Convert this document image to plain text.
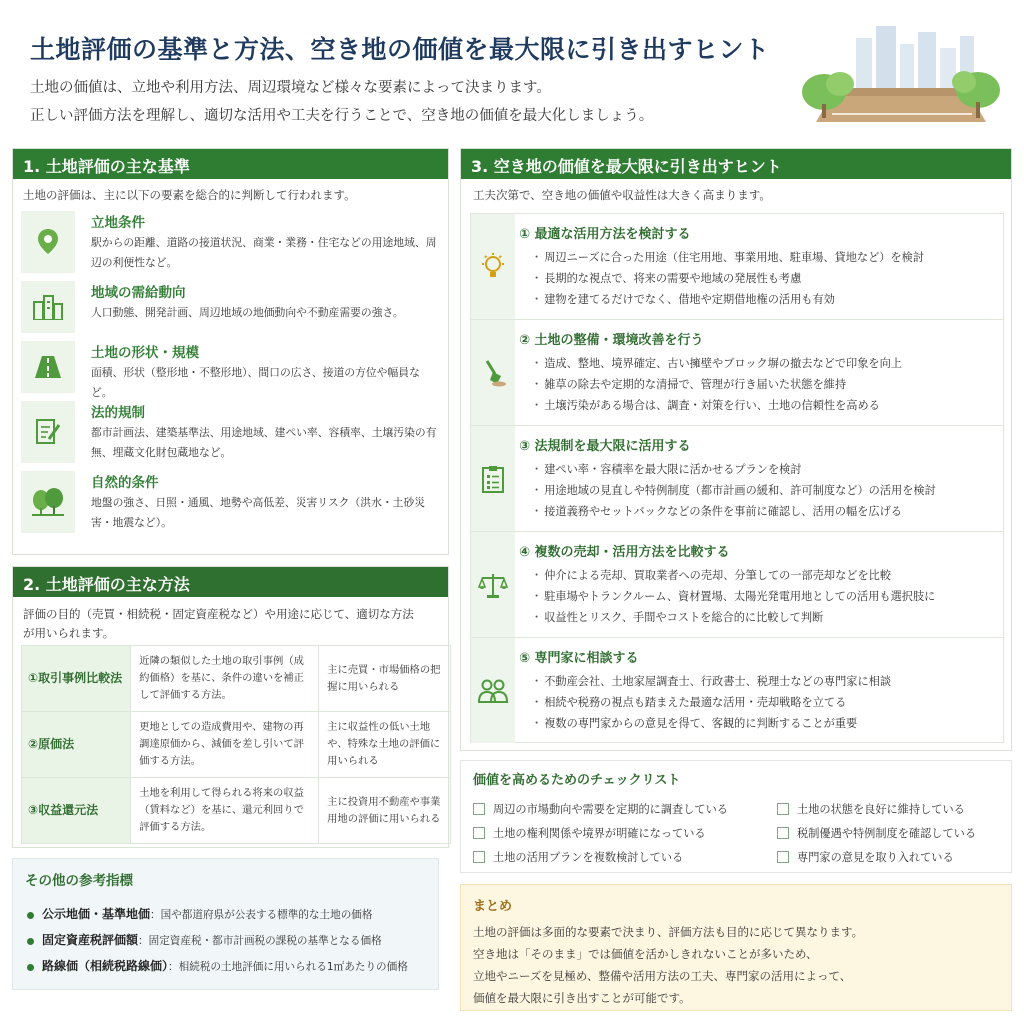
土地評価の基準と方法、空き地の価値を最大限に引き出すヒント
土地の価値は、立地や利用方法、周辺環境など様々な要素によって決まります。
正しい評価方法を理解し、適切な活用や工夫を行うことで、空き地の価値を最大化しましょう。
1. 土地評価の主な基準
土地の評価は、主に以下の要素を総合的に判断して行われます。
立地条件
駅からの距離、道路の接道状況、商業・業務・住宅などの用途地域、周辺の利便性など。
地域の需給動向
人口動態、開発計画、周辺地域の地価動向や不動産需要の強さ。
土地の形状・規模
面積、形状（整形地・不整形地）、間口の広さ、接道の方位や幅員など。
法的規制
都市計画法、建築基準法、用途地域、建ぺい率、容積率、土壌汚染の有無、埋蔵文化財包蔵地など。
自然的条件
地盤の強さ、日照・通風、地勢や高低差、災害リスク（洪水・土砂災害・地震など）。
2. 土地評価の主な方法
評価の目的（売買・相続税・固定資産税など）や用途に応じて、適切な方法が用いられます。
①取引事例比較法	近隣の類似した土地の取引事例（成約価格）を基に、条件の違いを補正して評価する方法。	主に売買・市場価格の把握に用いられる
②原価法	更地としての造成費用や、建物の再調達原価から、減価を差し引いて評価する方法。	主に収益性の低い土地や、特殊な土地の評価に用いられる
③収益還元法	土地を利用して得られる将来の収益（賃料など）を基に、還元利回りで評価する方法。	主に投資用不動産や事業用地の評価に用いられる
その他の参考指標
公示地価・基準地価：国や都道府県が公表する標準的な土地の価格
固定資産税評価額：固定資産税・都市計画税の課税の基準となる価格
路線価（相続税路線価）：相続税の土地評価に用いられる1㎡あたりの価格
3. 空き地の価値を最大限に引き出すヒント
工夫次第で、空き地の価値や収益性は大きく高まります。
① 最適な活用方法を検討する
・ 周辺ニーズに合った用途（住宅用地、事業用地、駐車場、貸地など）を検討
・ 長期的な視点で、将来の需要や地域の発展性も考慮
・ 建物を建てるだけでなく、借地や定期借地権の活用も有効
② 土地の整備・環境改善を行う
・ 造成、整地、境界確定、古い擁壁やブロック塀の撤去などで印象を向上
・ 雑草の除去や定期的な清掃で、管理が行き届いた状態を維持
・ 土壌汚染がある場合は、調査・対策を行い、土地の信頼性を高める
③ 法規制を最大限に活用する
・ 建ぺい率・容積率を最大限に活かせるプランを検討
・ 用途地域の見直しや特例制度（都市計画の緩和、許可制度など）の活用を検討
・ 接道義務やセットバックなどの条件を事前に確認し、活用の幅を広げる
④ 複数の売却・活用方法を比較する
・ 仲介による売却、買取業者への売却、分筆しての一部売却などを比較
・ 駐車場やトランクルーム、資材置場、太陽光発電用地としての活用も選択肢に
・ 収益性とリスク、手間やコストを総合的に比較して判断
⑤ 専門家に相談する
・ 不動産会社、土地家屋調査士、行政書士、税理士などの専門家に相談
・ 相続や税務の視点も踏まえた最適な活用・売却戦略を立てる
・ 複数の専門家からの意見を得て、客観的に判断することが重要
価値を高めるためのチェックリスト
周辺の市場動向や需要を定期的に調査している
土地の権利関係や境界が明確になっている
土地の活用プランを複数検討している
土地の状態を良好に維持している
税制優遇や特例制度を確認している
専門家の意見を取り入れている
まとめ
土地の評価は多面的な要素で決まり、評価方法も目的に応じて異なります。
空き地は「そのまま」では価値を活かしきれないことが多いため、
立地やニーズを見極め、整備や活用方法の工夫、専門家の活用によって、
価値を最大限に引き出すことが可能です。
